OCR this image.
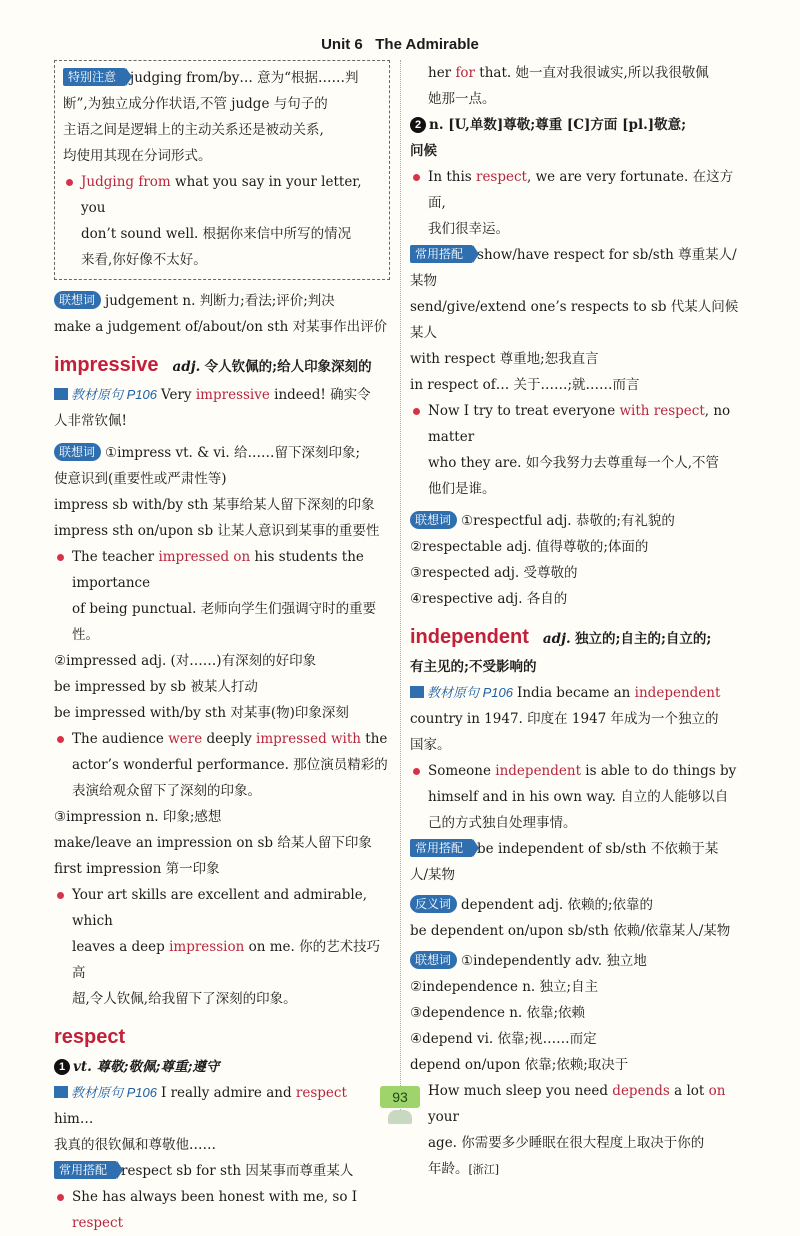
Unit 6 The Admirable

特别注意 judging from/by… 意为“根据……判

断”,为独立成分作状语,不管 judge 与句子的

主语之间是逻辑上的主动关系还是被动关系,

均使用其现在分词形式。

Judging from what you say in your letter, you

don’t sound well. 根据你来信中所写的情况

来看,你好像不太好。

联想词 judgement n. 判断力;看法;评价;判决

make a judgement of/about/on sth 对某事作出评价

impressive adj. 令人钦佩的;给人印象深刻的

教材原句 P106 Very impressive indeed! 确实令

人非常钦佩!

联想词 ①impress vt. & vi. 给……留下深刻印象;

使意识到(重要性或严肃性等)

impress sb with/by sth 某事给某人留下深刻的印象

impress sth on/upon sb 让某人意识到某事的重要性

The teacher impressed on his students the importance

of being punctual. 老师向学生们强调守时的重要性。

②impressed adj. (对……)有深刻的好印象

be impressed by sb 被某人打动

be impressed with/by sth 对某事(物)印象深刻

The audience were deeply impressed with the

actor’s wonderful performance. 那位演员精彩的

表演给观众留下了深刻的印象。

③impression n. 印象;感想

make/leave an impression on sb 给某人留下印象

first impression 第一印象

Your art skills are excellent and admirable, which

leaves a deep impression on me. 你的艺术技巧高

超,令人钦佩,给我留下了深刻的印象。

respect

1 vt. 尊敬;敬佩;尊重;遵守

教材原句 P106 I really admire and respect him…

我真的很钦佩和尊敬他……

常用搭配 respect sb for sth 因某事而尊重某人

She has always been honest with me, so I respect

her for that. 她一直对我很诚实,所以我很敬佩

她那一点。

2 n. [U,单数]尊敬;尊重 [C]方面 [pl.]敬意;

问候

In this respect, we are very fortunate. 在这方面,

我们很幸运。

常用搭配 show/have respect for sb/sth 尊重某人/

某物

send/give/extend one’s respects to sb 代某人问候某人

with respect 尊重地;恕我直言

in respect of… 关于……;就……而言

Now I try to treat everyone with respect, no matter

who they are. 如今我努力去尊重每一个人,不管

他们是谁。

联想词 ①respectful adj. 恭敬的;有礼貌的

②respectable adj. 值得尊敬的;体面的

③respected adj. 受尊敬的

④respective adj. 各自的

independent adj. 独立的;自主的;自立的;

有主见的;不受影响的

教材原句 P106 India became an independent

country in 1947. 印度在 1947 年成为一个独立的

国家。

Someone independent is able to do things by

himself and in his own way. 自立的人能够以自

己的方式独自处理事情。

常用搭配 be independent of sb/sth 不依赖于某

人/某物

反义词 dependent adj. 依赖的;依靠的

be dependent on/upon sb/sth 依赖/依靠某人/某物

联想词 ①independently adv. 独立地

②independence n. 独立;自主

③dependence n. 依靠;依赖

④depend vi. 依靠;视……而定

depend on/upon 依靠;依赖;取决于

How much sleep you need depends a lot on your

age. 你需要多少睡眠在很大程度上取决于你的

年龄。[浙江]

93
